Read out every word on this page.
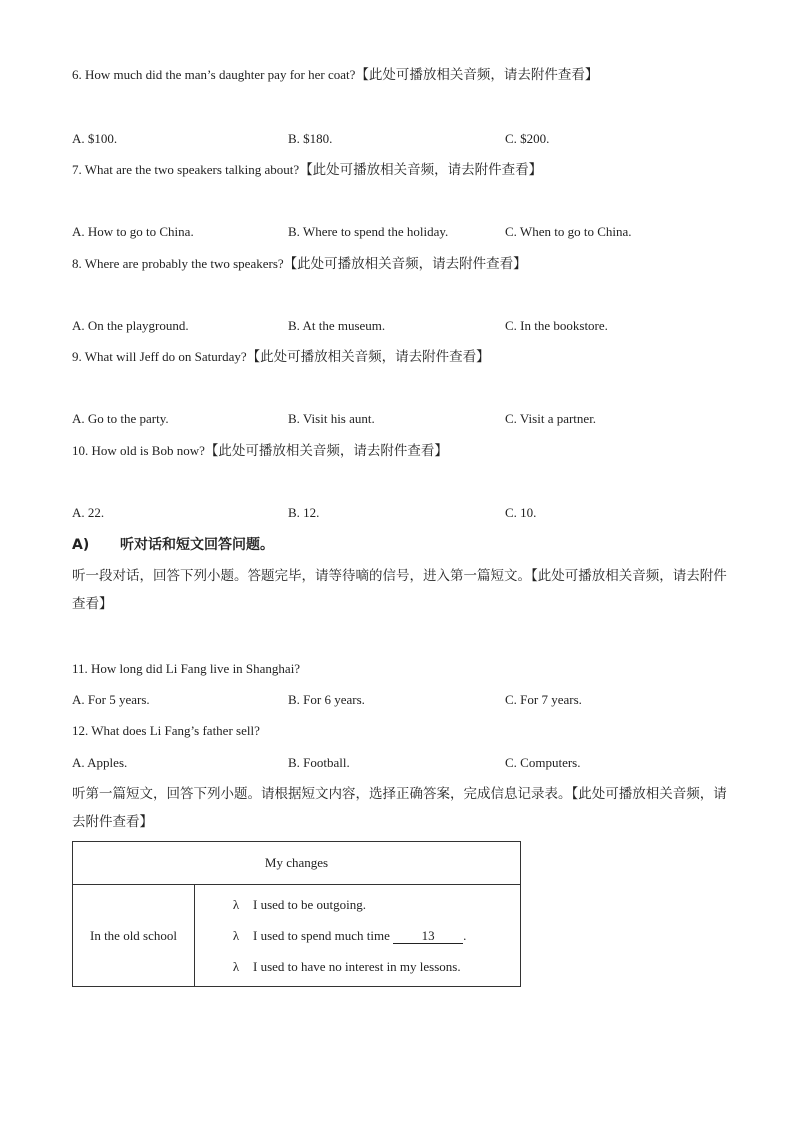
6. How much did the man’s daughter pay for her coat?【此处可播放相关音频，请去附件查看】
A. $100.	B. $180.	C. $200.
7. What are the two speakers talking about?【此处可播放相关音频，请去附件查看】
A. How to go to China.	B. Where to spend the holiday.	C. When to go to China.
8. Where are probably the two speakers?【此处可播放相关音频，请去附件查看】
A. On the playground.	B. At the museum.	C. In the bookstore.
9. What will Jeff do on Saturday?【此处可播放相关音频，请去附件查看】
A. Go to the party.	B. Visit his aunt.	C. Visit a partner.
10. How old is Bob now?【此处可播放相关音频，请去附件查看】
A. 22.	B. 12.	C. 10.
A) 听对话和短文回答问题。
听一段对话，回答下列小题。答题完毕，请等待嘀的信号，进入第一篇短文。【此处可播放相关音频，请去附件查看】
11. How long did Li Fang live in Shanghai?
A. For 5 years.	B. For 6 years.	C. For 7 years.
12. What does Li Fang’s father sell?
A. Apples.	B. Football.	C. Computers.
听第一篇短文，回答下列小题。请根据短文内容，选择正确答案，完成信息记录表。【此处可播放相关音频，请去附件查看】
My changes
In the old school	
λ I used to be outgoing.
λ I used to spend much time 13 .
λ I used to have no interest in my lessons.
